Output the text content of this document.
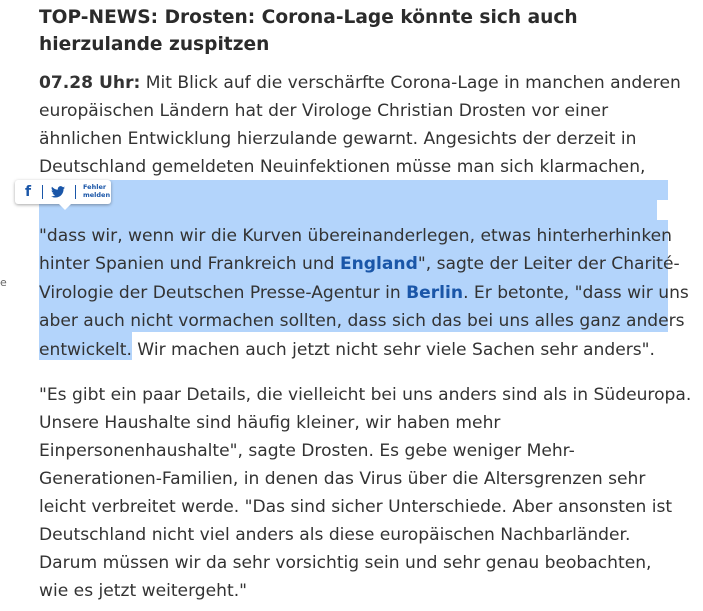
e
TOP-NEWS: Drosten: Corona-Lage könnte sich auch hierzulande zuspitzen
07.28 Uhr: Mit Blick auf die verschärfte Corona-Lage in manchen anderen
europäischen Ländern hat der Virologe Christian Drosten vor einer
ähnlichen Entwicklung hierzulande gewarnt. Angesichts der derzeit in
Deutschland gemeldeten Neuinfektionen müsse man sich klarmachen,
"dass wir, wenn wir die Kurven übereinanderlegen, etwas hinterherhinken
hinter Spanien und Frankreich und England", sagte der Leiter der Charité-
Virologie der Deutschen Presse-Agentur in Berlin. Er betonte, "dass wir uns
aber auch nicht vormachen sollten, dass sich das bei uns alles ganz anders
entwickelt. Wir machen auch jetzt nicht sehr viele Sachen sehr anders".
"Es gibt ein paar Details, die vielleicht bei uns anders sind als in Südeuropa.
Unsere Haushalte sind häufig kleiner, wir haben mehr
Einpersonenhaushalte", sagte Drosten. Es gebe weniger Mehr-
Generationen-Familien, in denen das Virus über die Altersgrenzen sehr
leicht verbreitet werde. "Das sind sicher Unterschiede. Aber ansonsten ist
Deutschland nicht viel anders als diese europäischen Nachbarländer.
Darum müssen wir da sehr vorsichtig sein und sehr genau beobachten,
wie es jetzt weitergeht."
f	Fehler
melden
